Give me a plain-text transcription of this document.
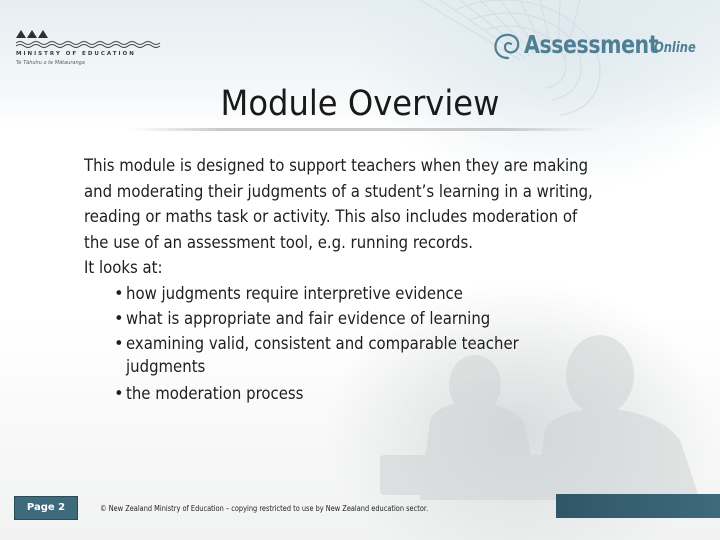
MINISTRY OF EDUCATION
Te Tāhuhu o te Mātauranga
Assessment
Online
Module Overview

This module is designed to support teachers when they are making
and moderating their judgments of a student’s learning in a writing,
reading or maths task or activity. This also includes moderation of
the use of an assessment tool, e.g. running records.

It looks at:

• how judgments require interpretive evidence
• what is appropriate and fair evidence of learning
• examining valid, consistent and comparable teacher
judgments
• the moderation process
Page 2	© New Zealand Ministry of Education – copying restricted to use by New Zealand education sector.
